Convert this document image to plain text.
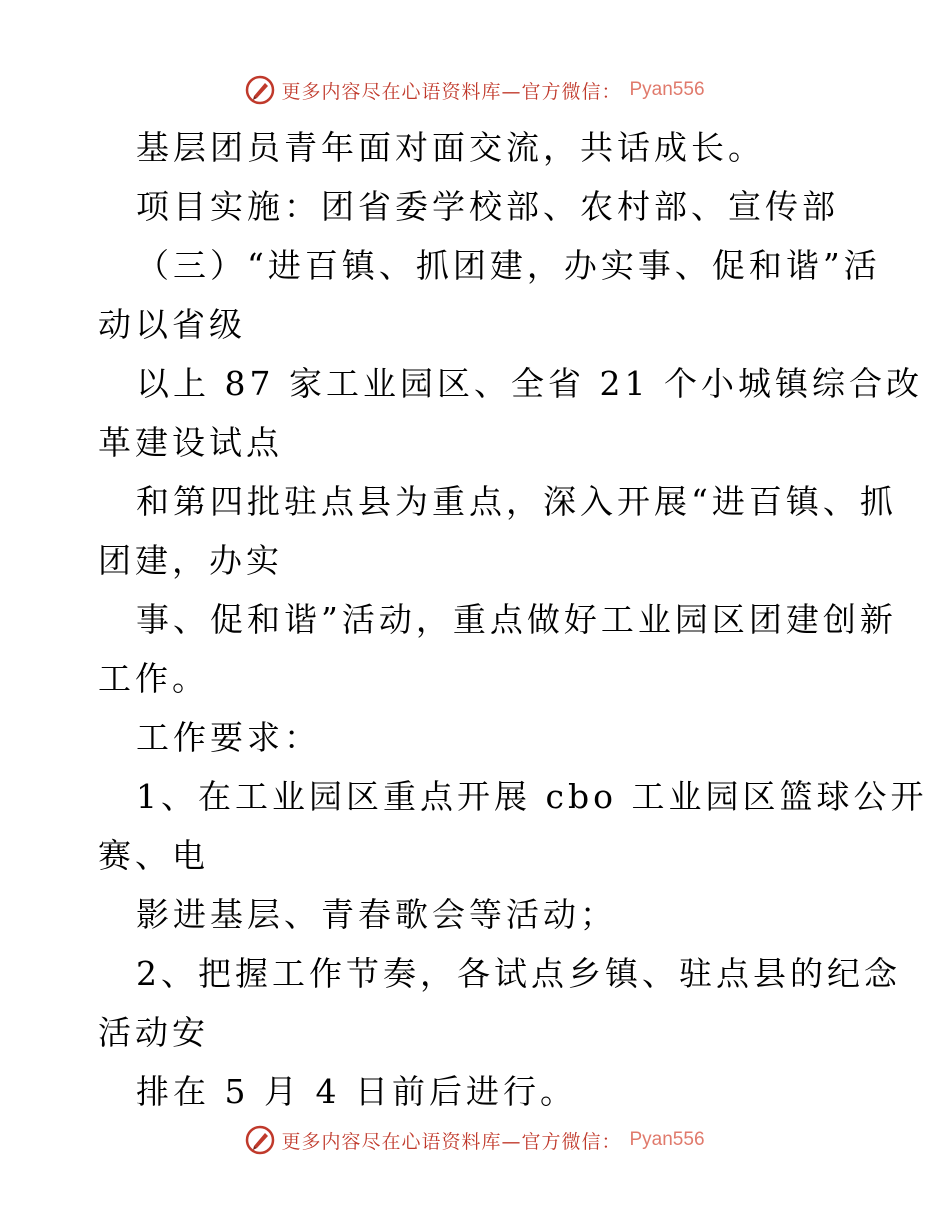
更多内容尽在心语资料库—官方微信： Pyan556
基层团员青年面对面交流，共话成长。
项目实施：团省委学校部、农村部、宣传部
（三）“进百镇、抓团建，办实事、促和谐”活
动以省级
以上 87 家工业园区、全省 21 个小城镇综合改
革建设试点
和第四批驻点县为重点，深入开展“进百镇、抓
团建，办实
事、促和谐”活动，重点做好工业园区团建创新
工作。
工作要求：
1、在工业园区重点开展 cbo 工业园区篮球公开
赛、电
影进基层、青春歌会等活动；
2、把握工作节奏，各试点乡镇、驻点县的纪念
活动安
排在 5 月 4 日前后进行。
更多内容尽在心语资料库—官方微信： Pyan556
